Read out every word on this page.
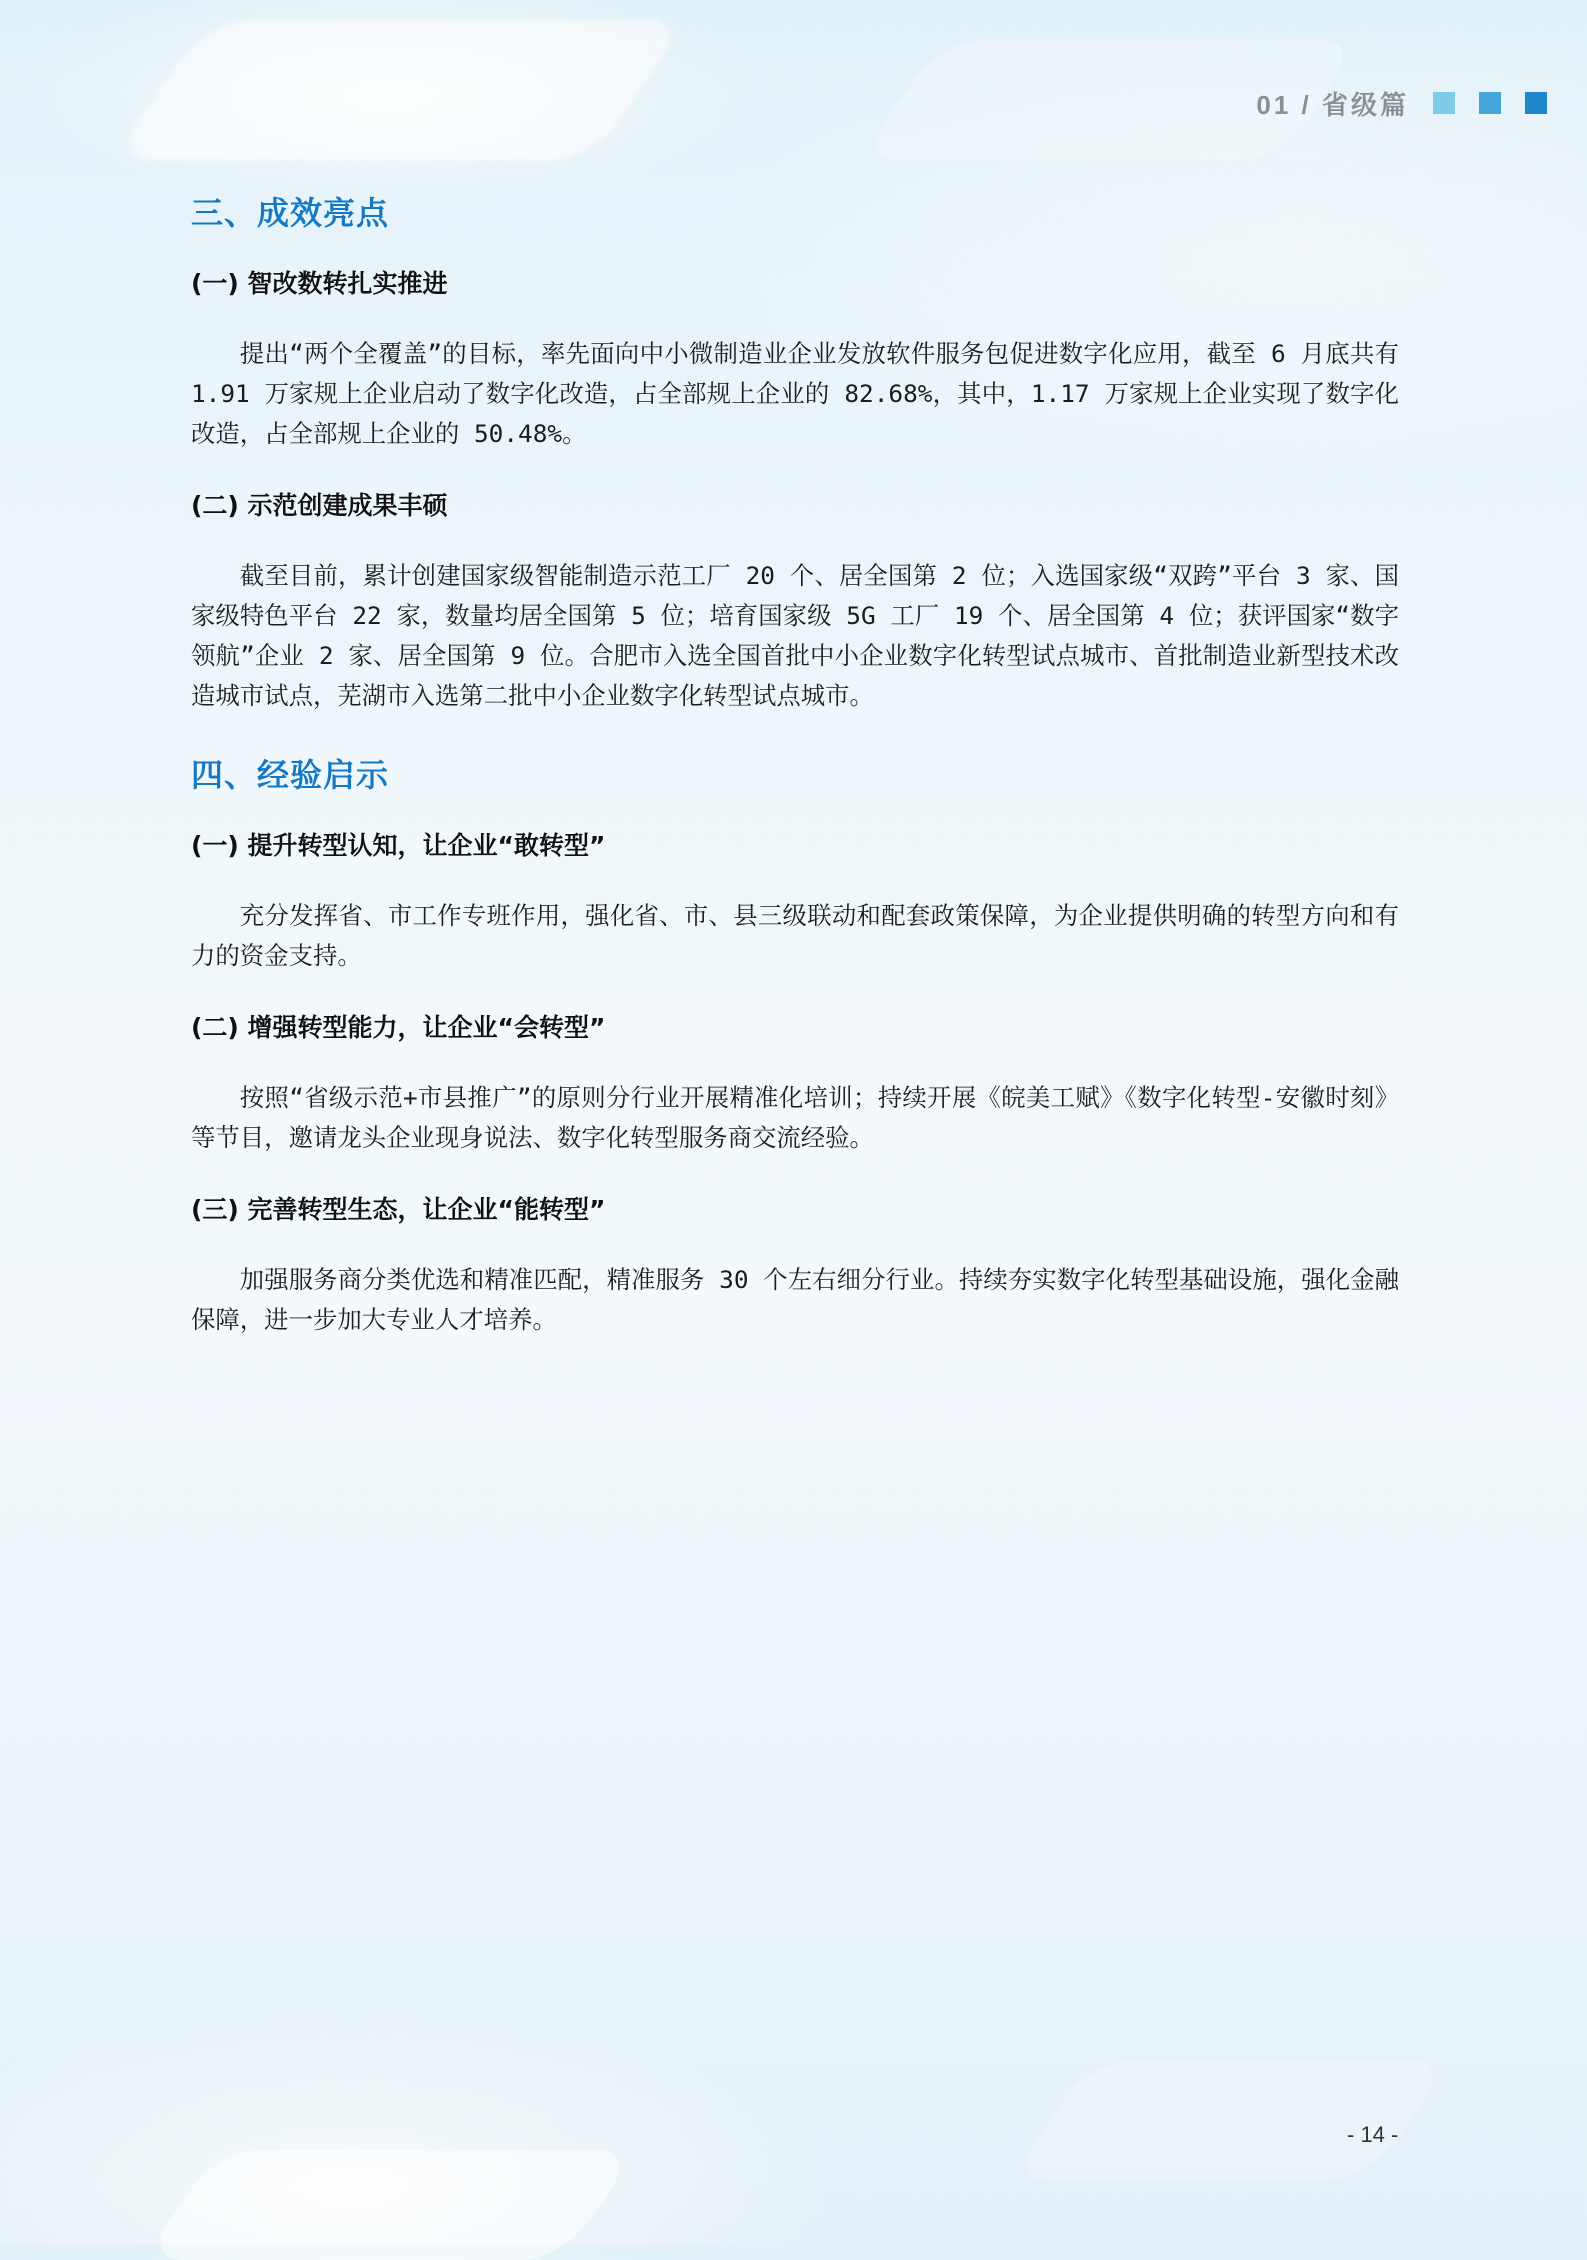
01 / 省级篇
三、成效亮点
(一) 智改数转扎实推进

提出“两个全覆盖”的目标，率先面向中小微制造业企业发放软件服务包促进数字化应用，截至 6 月底共有 1.91 万家规上企业启动了数字化改造，占全部规上企业的 82.68%，其中，1.17 万家规上企业实现了数字化改造，占全部规上企业的 50.48%。

(二) 示范创建成果丰硕

截至目前，累计创建国家级智能制造示范工厂 20 个、居全国第 2 位；入选国家级“双跨”平台 3 家、国家级特色平台 22 家，数量均居全国第 5 位；培育国家级 5G 工厂 19 个、居全国第 4 位；获评国家“数字领航”企业 2 家、居全国第 9 位。合肥市入选全国首批中小企业数字化转型试点城市、首批制造业新型技术改造城市试点，芜湖市入选第二批中小企业数字化转型试点城市。

四、经验启示
(一) 提升转型认知，让企业“敢转型”

充分发挥省、市工作专班作用，强化省、市、县三级联动和配套政策保障，为企业提供明确的转型方向和有力的资金支持。

(二) 增强转型能力，让企业“会转型”

按照“省级示范+市县推广”的原则分行业开展精准化培训；持续开展《皖美工赋》《数字化转型-安徽时刻》等节目，邀请龙头企业现身说法、数字化转型服务商交流经验。

(三) 完善转型生态，让企业“能转型”

加强服务商分类优选和精准匹配，精准服务 30 个左右细分行业。持续夯实数字化转型基础设施，强化金融保障，进一步加大专业人才培养。

- 14 -
